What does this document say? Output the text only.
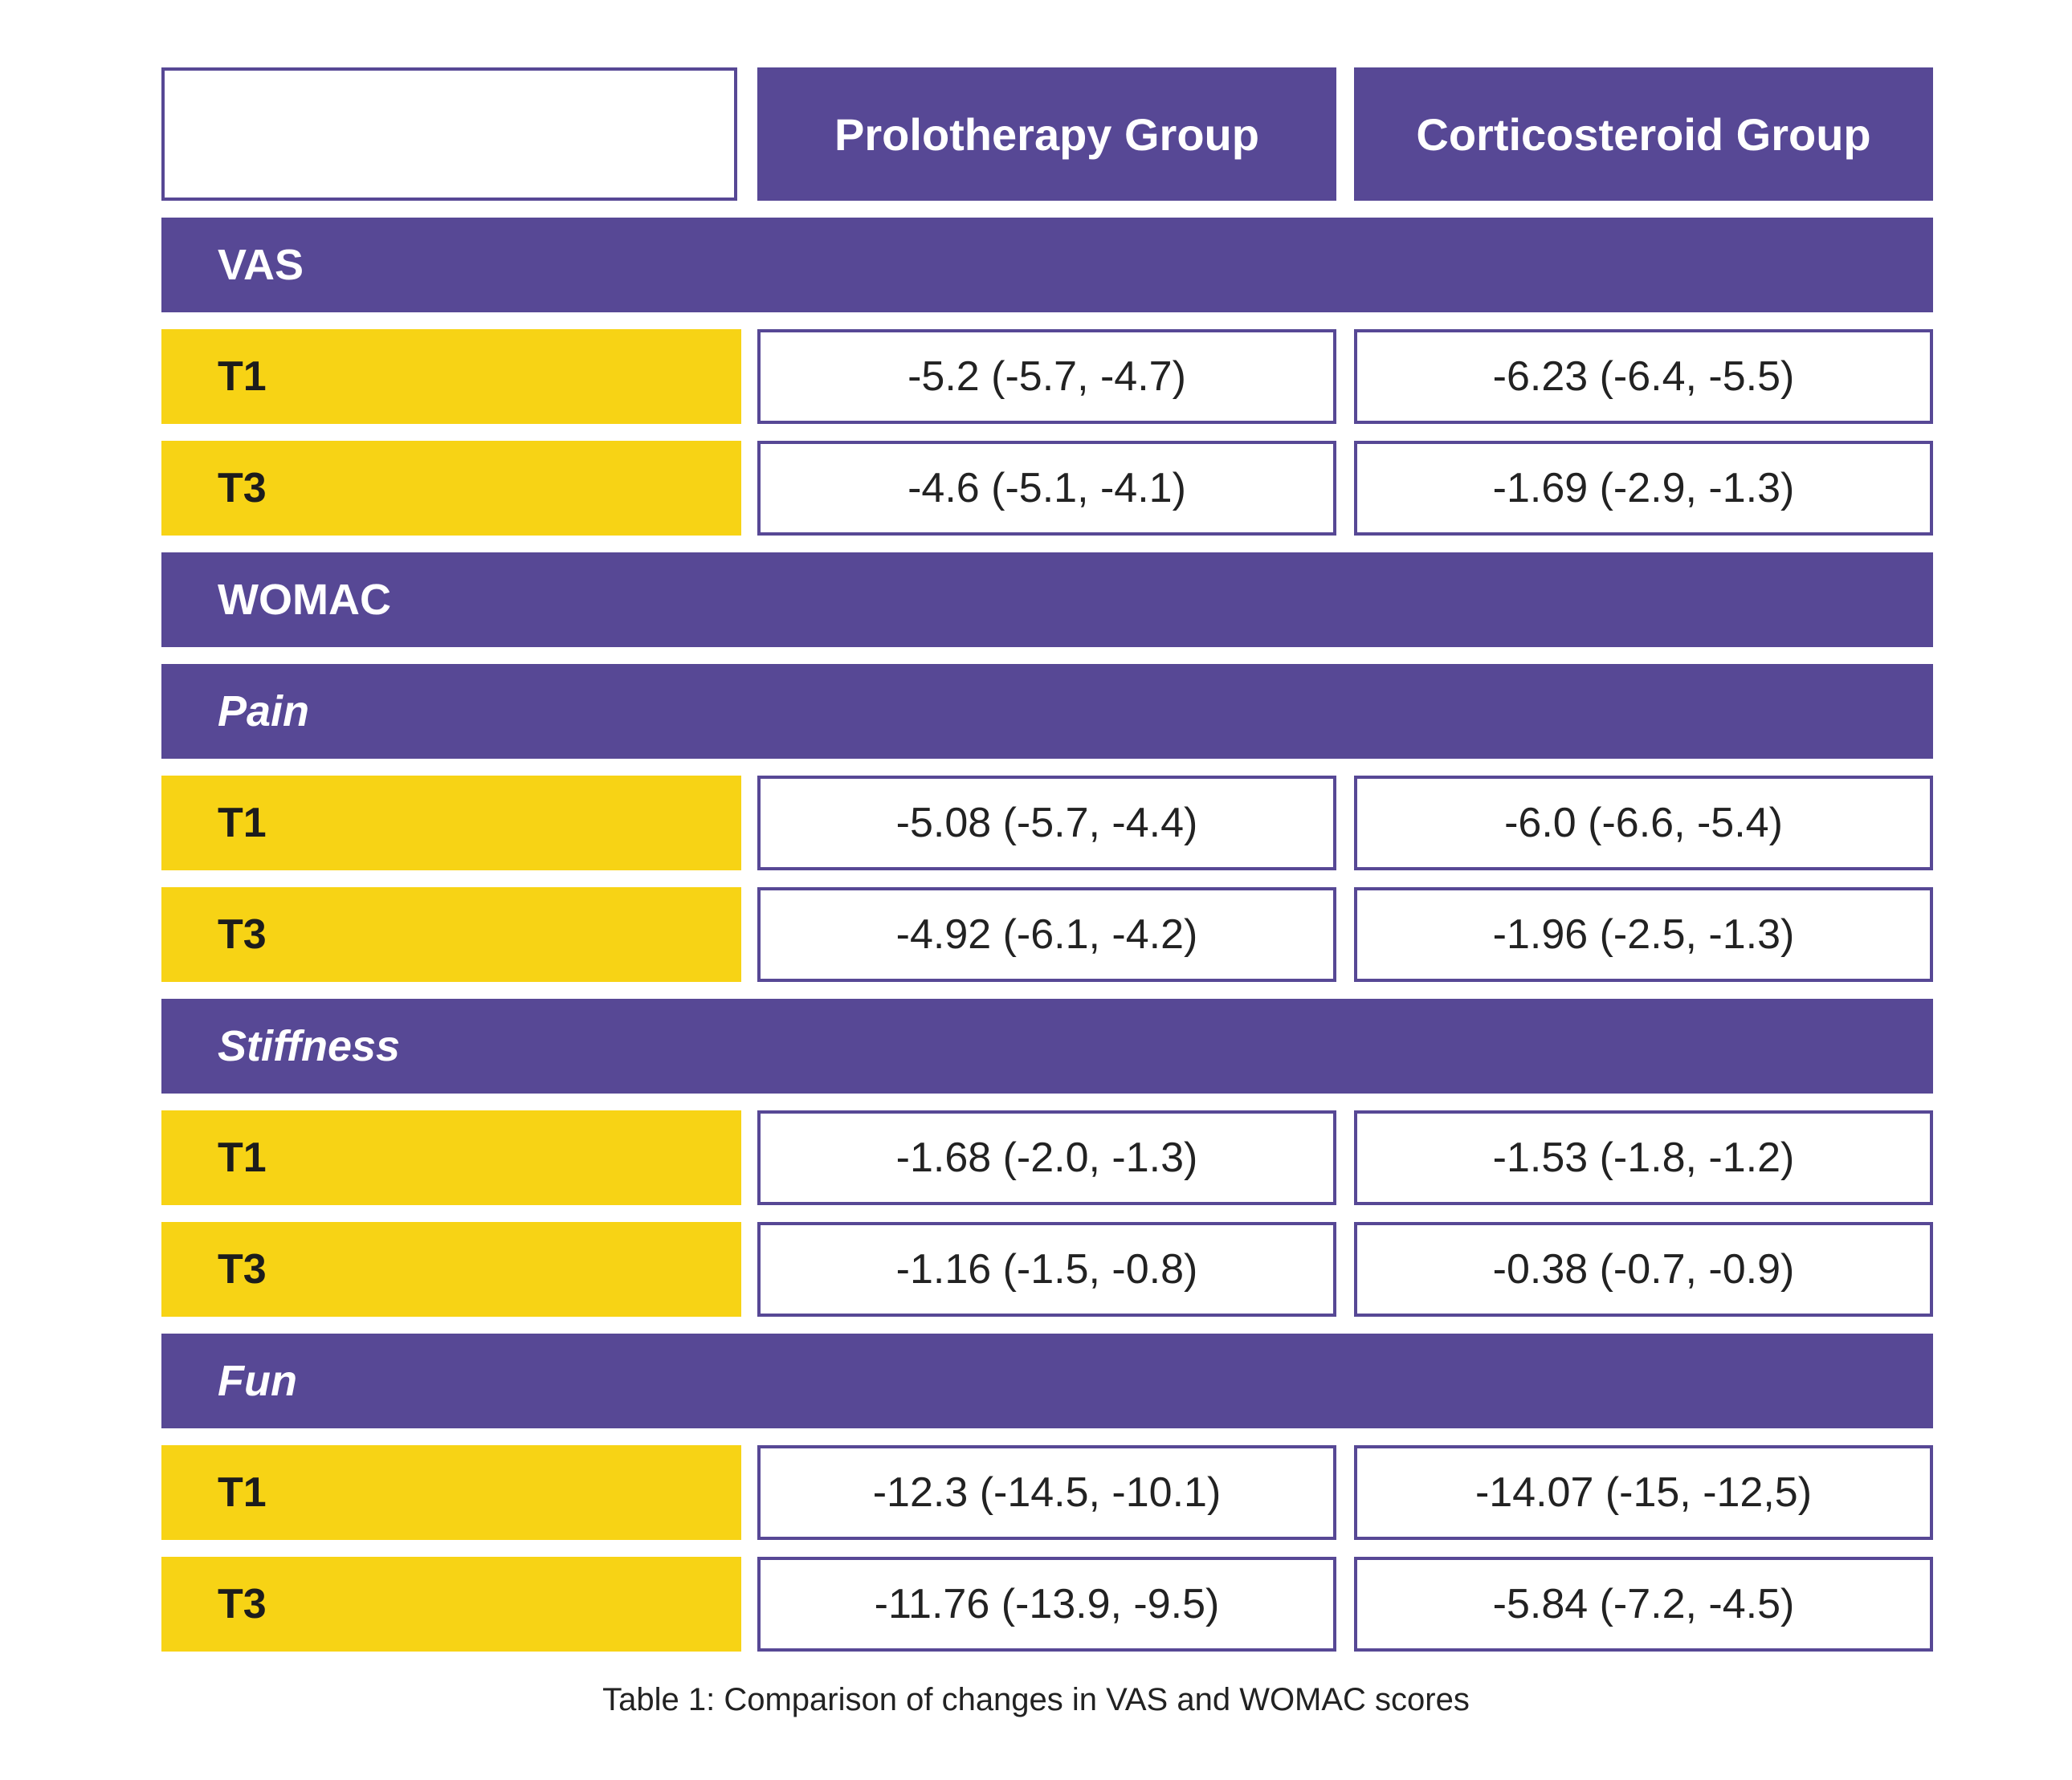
Prolotherapy Group	Corticosteroid Group
VAS
T1	-5.2 (-5.7, -4.7)	-6.23 (-6.4, -5.5)
T3	-4.6 (-5.1, -4.1)	-1.69 (-2.9, -1.3)
WOMAC
Pain
T1	-5.08 (-5.7, -4.4)	-6.0 (-6.6, -5.4)
T3	-4.92 (-6.1, -4.2)	-1.96 (-2.5, -1.3)
Stiffness
T1	-1.68 (-2.0, -1.3)	-1.53 (-1.8, -1.2)
T3	-1.16 (-1.5, -0.8)	-0.38 (-0.7, -0.9)
Fun
T1	-12.3 (-14.5, -10.1)	-14.07 (-15, -12,5)
T3	-11.76 (-13.9, -9.5)	-5.84 (-7.2, -4.5)
Table 1: Comparison of changes in VAS and WOMAC scores
